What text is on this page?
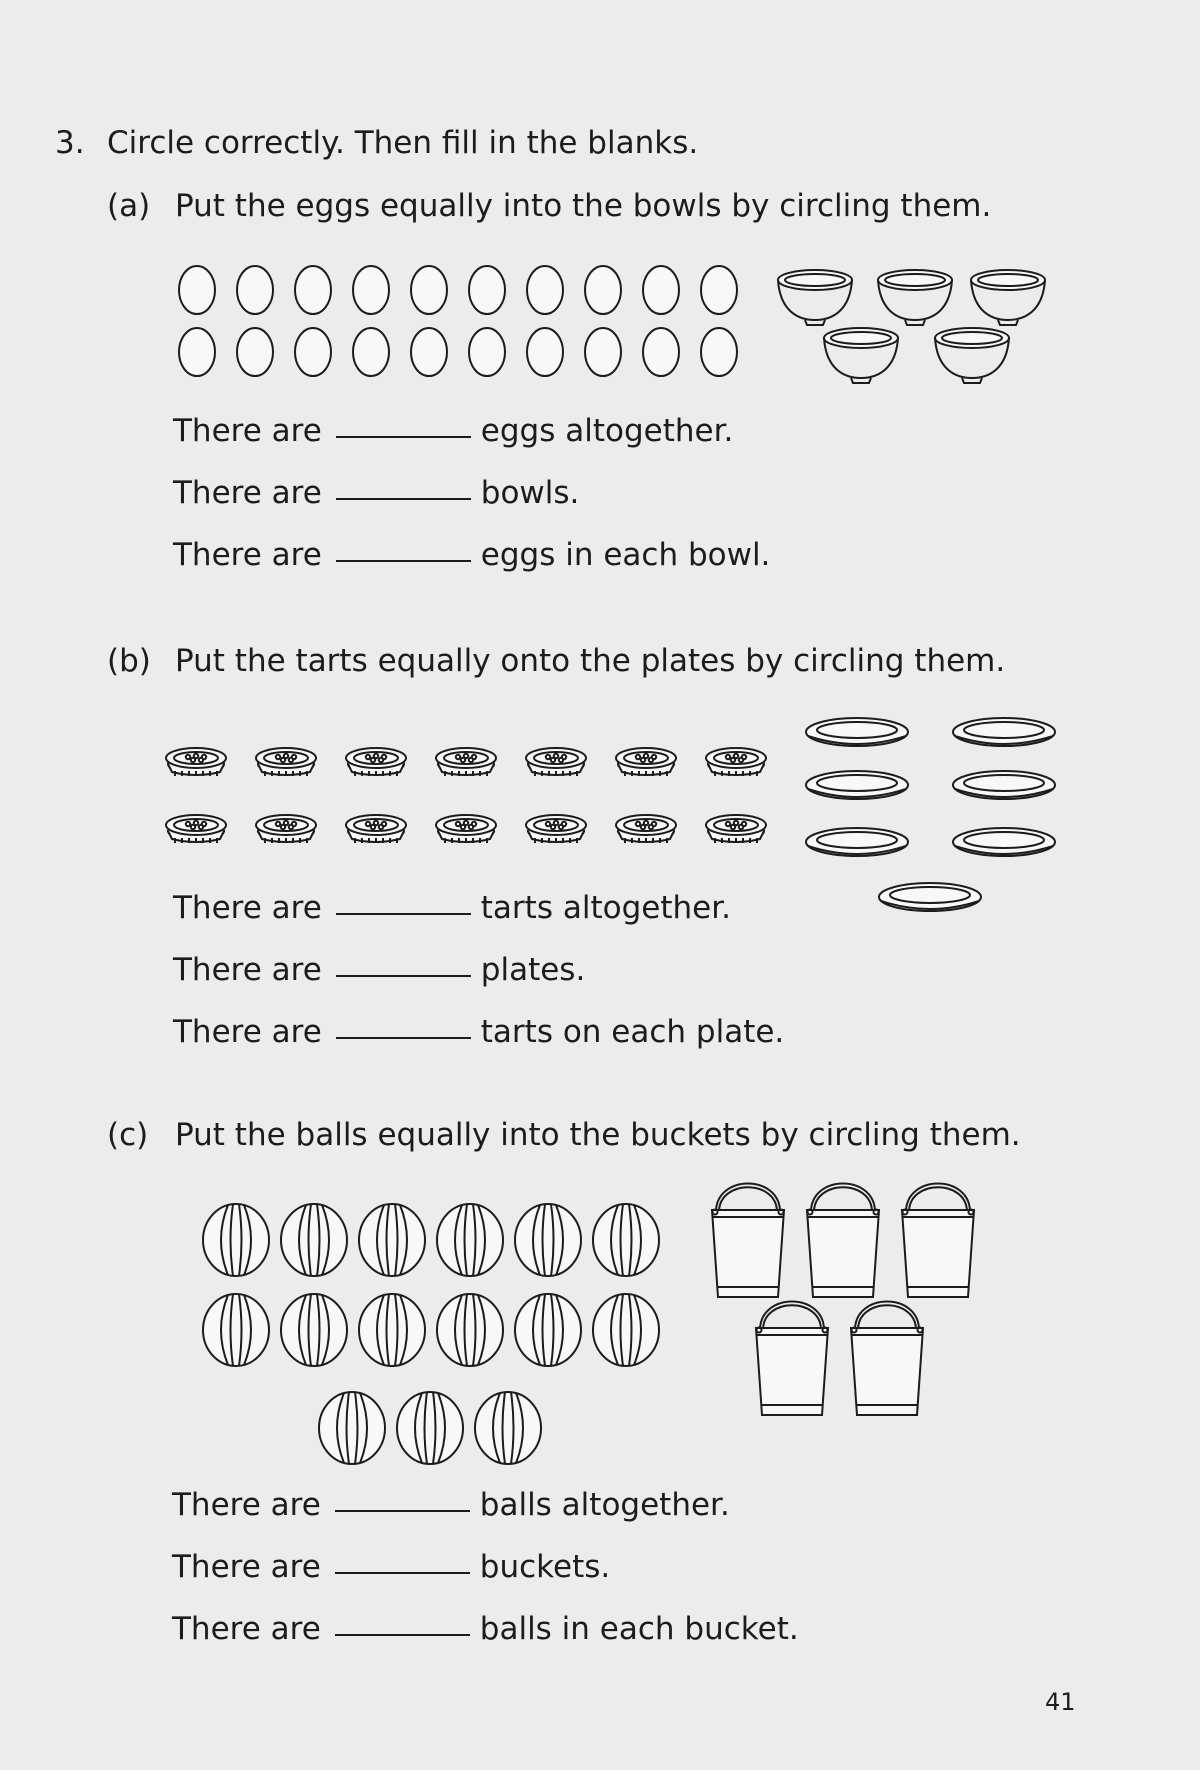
3. Circle correctly. Then fill in the blanks.
(a) Put the eggs equally into the bowls by circling them.
There are	eggs altogether.
There are	bowls.
There are	eggs in each bowl.
(b) Put the tarts equally onto the plates by circling them.
There are	tarts altogether.
There are	plates.
There are	tarts on each plate.
(c) Put the balls equally into the buckets by circling them.
There are	balls altogether.
There are	buckets.
There are	balls in each bucket.
41
